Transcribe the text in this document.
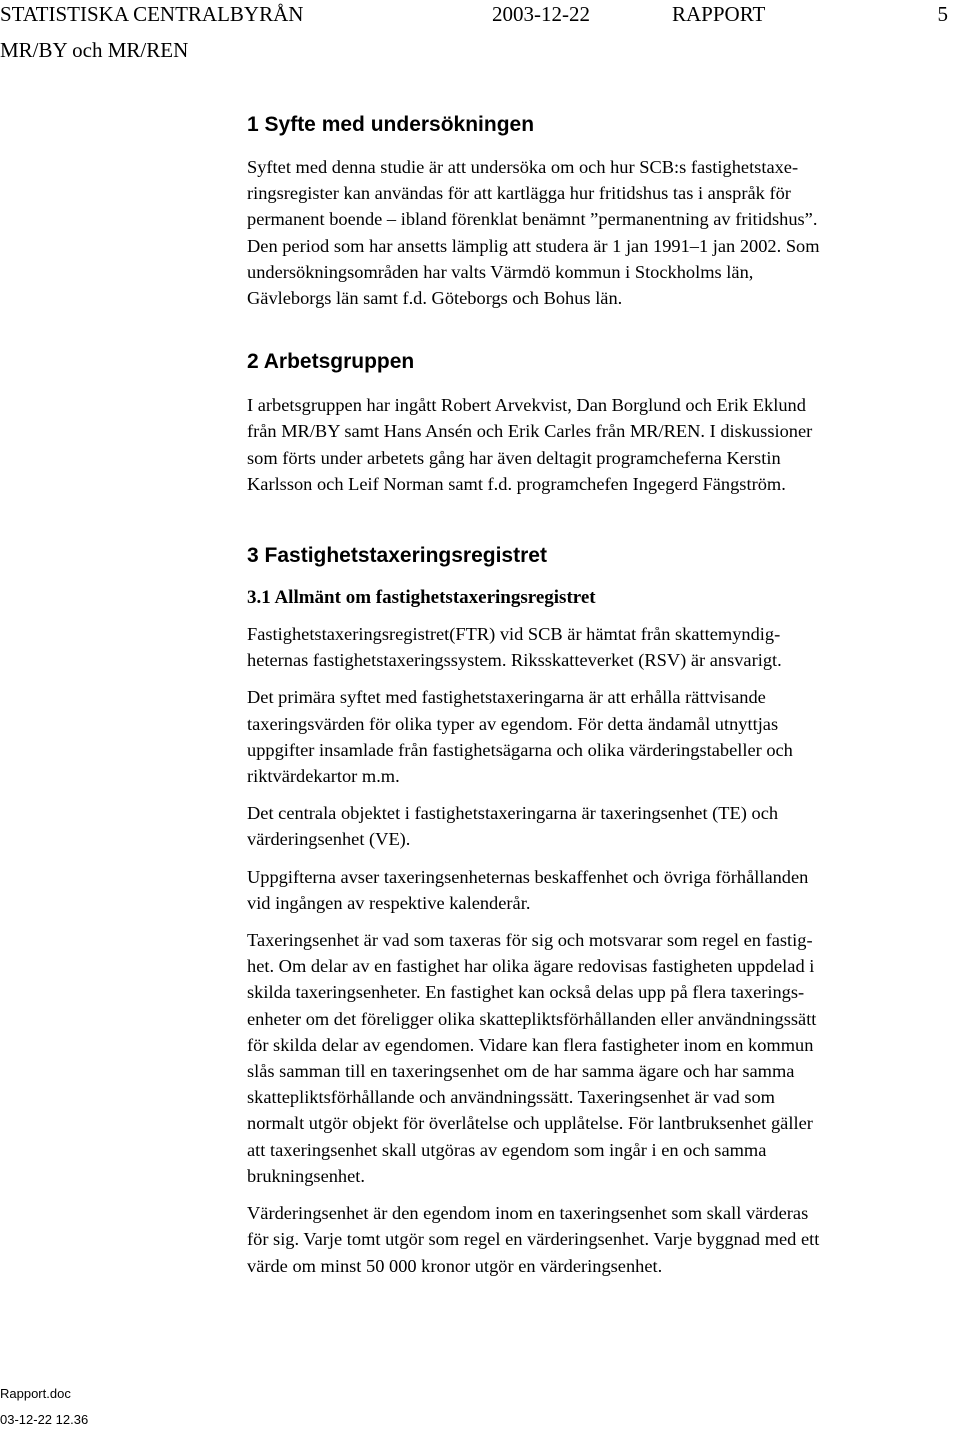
STATISTISKA CENTRALBYRÅN	2003-12-22	RAPPORT	5
MR/BY och MR/REN
1 Syfte med undersökningen

Syftet med denna studie är att undersöka om och hur SCB:s fastighetstaxe-
ringsregister kan användas för att kartlägga hur fritidshus tas i anspråk för
permanent boende – ibland förenklat benämnt ”permanentning av fritidshus”.
Den period som har ansetts lämplig att studera är 1 jan 1991–1 jan 2002. Som
undersökningsområden har valts Värmdö kommun i Stockholms län,
Gävleborgs län samt f.d. Göteborgs och Bohus län.

2 Arbetsgruppen

I arbetsgruppen har ingått Robert Arvekvist, Dan Borglund och Erik Eklund
från MR/BY samt Hans Ansén och Erik Carles från MR/REN. I diskussioner
som förts under arbetets gång har även deltagit programcheferna Kerstin
Karlsson och Leif Norman samt f.d. programchefen Ingegerd Fängström.

3 Fastighetstaxeringsregistret
3.1 Allmänt om fastighetstaxeringsregistret

Fastighetstaxeringsregistret(FTR) vid SCB är hämtat från skattemyndig-
heternas fastighetstaxeringssystem. Riksskatteverket (RSV) är ansvarigt.

Det primära syftet med fastighetstaxeringarna är att erhålla rättvisande
taxeringsvärden för olika typer av egendom. För detta ändamål utnyttjas
uppgifter insamlade från fastighetsägarna och olika värderingstabeller och
riktvärdekartor m.m.

Det centrala objektet i fastighetstaxeringarna är taxeringsenhet (TE) och
värderingsenhet (VE).

Uppgifterna avser taxeringsenheternas beskaffenhet och övriga förhållanden
vid ingången av respektive kalenderår.

Taxeringsenhet är vad som taxeras för sig och motsvarar som regel en fastig-
het. Om delar av en fastighet har olika ägare redovisas fastigheten uppdelad i
skilda taxeringsenheter. En fastighet kan också delas upp på flera taxerings-
enheter om det föreligger olika skattepliktsförhållanden eller användningssätt
för skilda delar av egendomen. Vidare kan flera fastigheter inom en kommun
slås samman till en taxeringsenhet om de har samma ägare och har samma
skattepliktsförhållande och användningssätt. Taxeringsenhet är vad som
normalt utgör objekt för överlåtelse och upplåtelse. För lantbruksenhet gäller
att taxeringsenhet skall utgöras av egendom som ingår i en och samma
brukningsenhet.

Värderingsenhet är den egendom inom en taxeringsenhet som skall värderas
för sig. Varje tomt utgör som regel en värderingsenhet. Varje byggnad med ett
värde om minst 50 000 kronor utgör en värderingsenhet.

Rapport.doc
03-12-22 12.36
